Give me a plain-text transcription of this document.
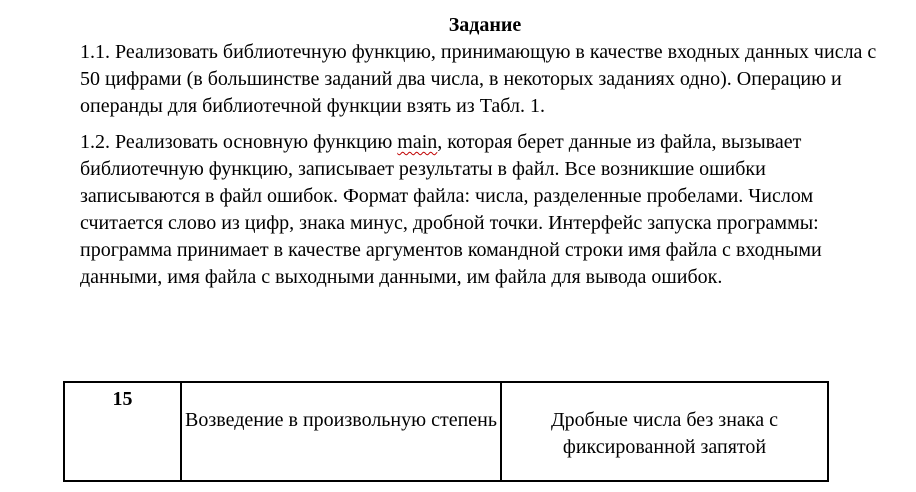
Задание

1.1. Реализовать библиотечную функцию, принимающую в качестве входных данных числа с 50 цифрами (в большинстве заданий два числа, в некоторых заданиях одно). Операцию и операнды для библиотечной функции взять из Табл. 1.

1.2. Реализовать основную функцию main, которая берет данные из файла, вызывает библиотечную функцию, записывает результаты в файл. Все возникшие ошибки записываются в файл ошибок. Формат файла: числа, разделенные пробелами. Числом считается слово из цифр, знака минус, дробной точки. Интерфейс запуска программы: программа принимает в качестве аргументов командной строки имя файла с входными данными, имя файла с выходными данными, им файла для вывода ошибок.

15	Возведение в произвольную степень	Дробные числа без знака с фиксированной запятой
